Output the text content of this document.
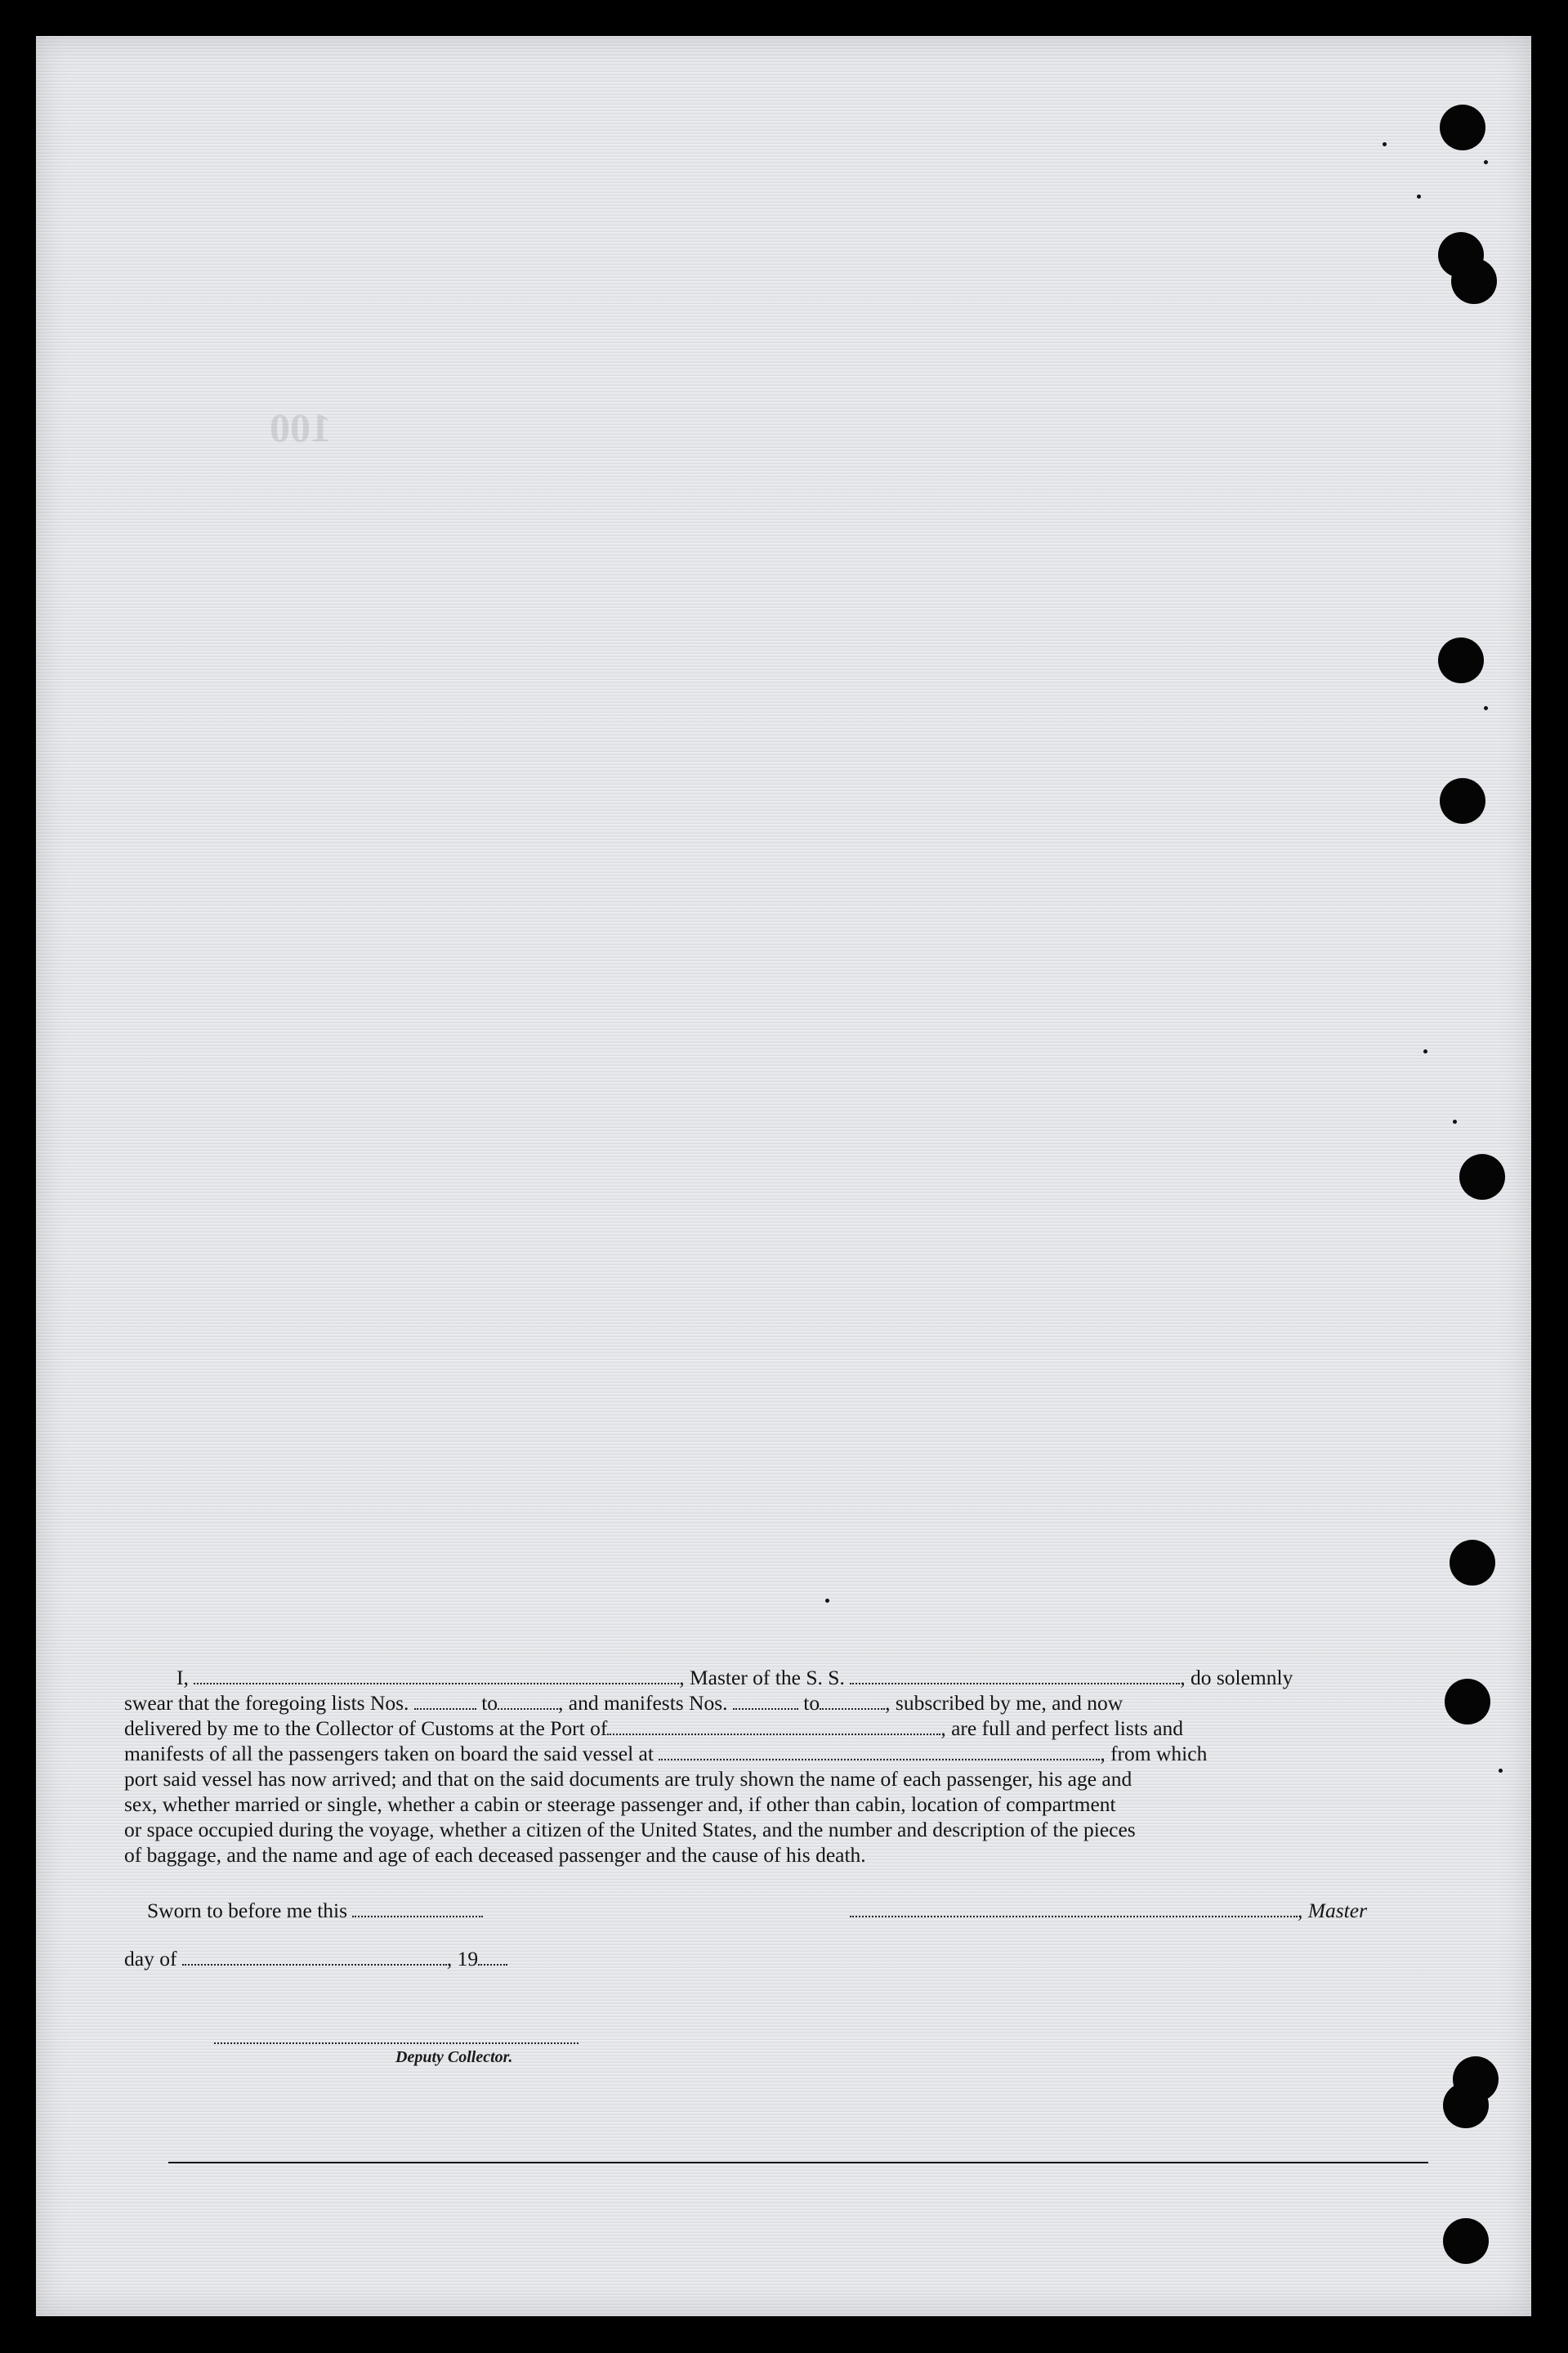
100
I,	, Master of the S. S.	, do solemnly
swear that the foregoing lists Nos.	to	, and manifests Nos.	to	, subscribed by me, and now
delivered by me to the Collector of Customs at the Port of	, are full and perfect lists and
manifests of all the passengers taken on board the said vessel at	, from which
port said vessel has now arrived; and that on the said documents are truly shown the name of each passenger, his age and
sex, whether married or single, whether a cabin or steerage passenger and, if other than cabin, location of compartment
or space occupied during the voyage, whether a citizen of the United States, and the number and description of the pieces
of baggage, and the name and age of each deceased passenger and the cause of his death.
Sworn to before me this	, Master
day of	, 19
Deputy Collector.
